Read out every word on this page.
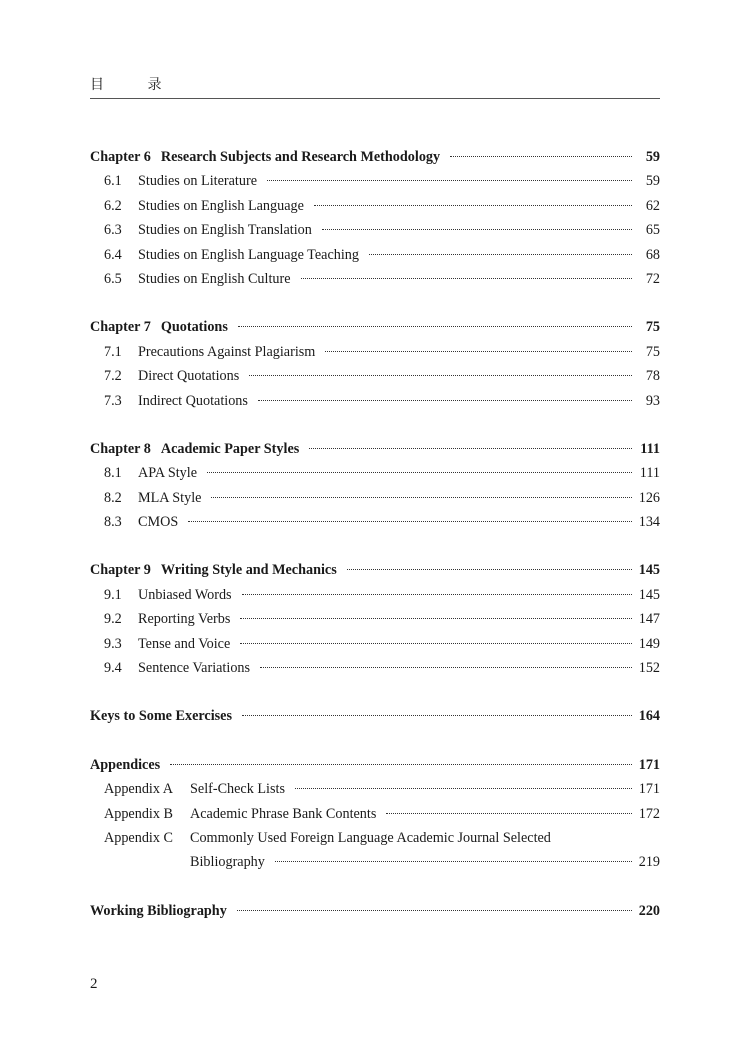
目 录
Chapter 6 Research Subjects and Research Methodology	59
6.1	Studies on Literature	59
6.2	Studies on English Language	62
6.3	Studies on English Translation	65
6.4	Studies on English Language Teaching	68
6.5	Studies on English Culture	72
Chapter 7 Quotations	75
7.1	Precautions Against Plagiarism	75
7.2	Direct Quotations	78
7.3	Indirect Quotations	93
Chapter 8 Academic Paper Styles	111
8.1	APA Style	111
8.2	MLA Style	126
8.3	CMOS	134
Chapter 9 Writing Style and Mechanics	145
9.1	Unbiased Words	145
9.2	Reporting Verbs	147
9.3	Tense and Voice	149
9.4	Sentence Variations	152
Keys to Some Exercises	164
Appendices	171
Appendix A	Self-Check Lists	171
Appendix B	Academic Phrase Bank Contents	172
Appendix C	Commonly Used Foreign Language Academic Journal Selected
Bibliography	219
Working Bibliography	220
2
